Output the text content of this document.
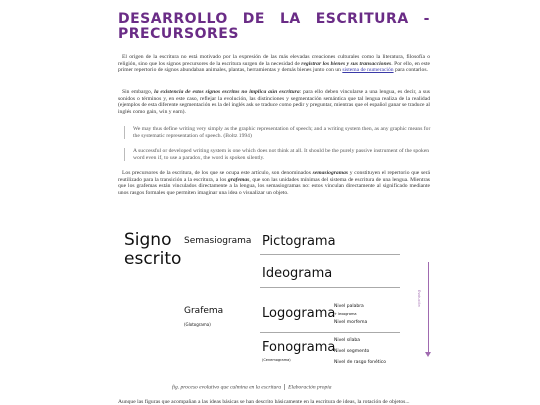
DESARROLLO DE LA ESCRITURA -
PRECURSORES

El origen de la escritura no está motivado por la expresión de las más elevadas creaciones culturales como la literatura, filosofía o religión, sino que los signos precursores de la escritura surgen de la necesidad de registrar los bienes y sus transacciones. Por ello, en este primer repertorio de signos abundaban animales, plantas, herramientas y demás bienes junto con un sistema de numeración para contarlos.

Sin embargo, la existencia de estos signos escritos no implica aún escritura: para ello deben vincularse a una lengua, es decir, a sus sonidos o términos y, en este caso, reflejar la evolución, las distinciones y segmentación semántica que tal lengua realiza de la realidad (ejemplos de esta diferente segmentación es la del inglés ask se traduce como pedir y preguntar, mientras que el español ganar se traduce al inglés como gain, win y earn).

We may thus define writing very simply as the graphic representation of speech; and a writing system then, as any graphic means for the systematic representation of speech. (Boltz 1994)
A successful or developed writing system is one which does not think at all. It should be the purely passive instrument of the spoken word even if, to use a paradox, the word is spoken silently.

Los precursores de la escritura, de los que se ocupa este artículo, son denominados semasiogramas y constituyen el repertorio que será reutilizado para la transición a la escritura, a los grafemas, que son las unidades mínimas del sistema de escritura de una lengua. Mientras que los grafemas están vinculados directamente a la lengua, los semasiogramas no: estos vinculan directamente al significado mediante unos rasgos formales que permiten imaginar una idea o visualizar un objeto.

Signo
escrito
Semasiograma Pictograma
Ideograma
Grafema
(Glotograma)
Logograma
Nivel palabra
+ lexograma
Nivel morfema
Fonograma
(Cenemograma)
Nivel sílaba
Nivel segmento
Nivel de rasgo fonético
Evolución
fig. proceso evolutivo que culmina en la escritura Elaboración propia
Aunque las figuras que acompañan a las ideas básicas se han descrito básicamente en la escritura de ideas, la rotación de objetos...
